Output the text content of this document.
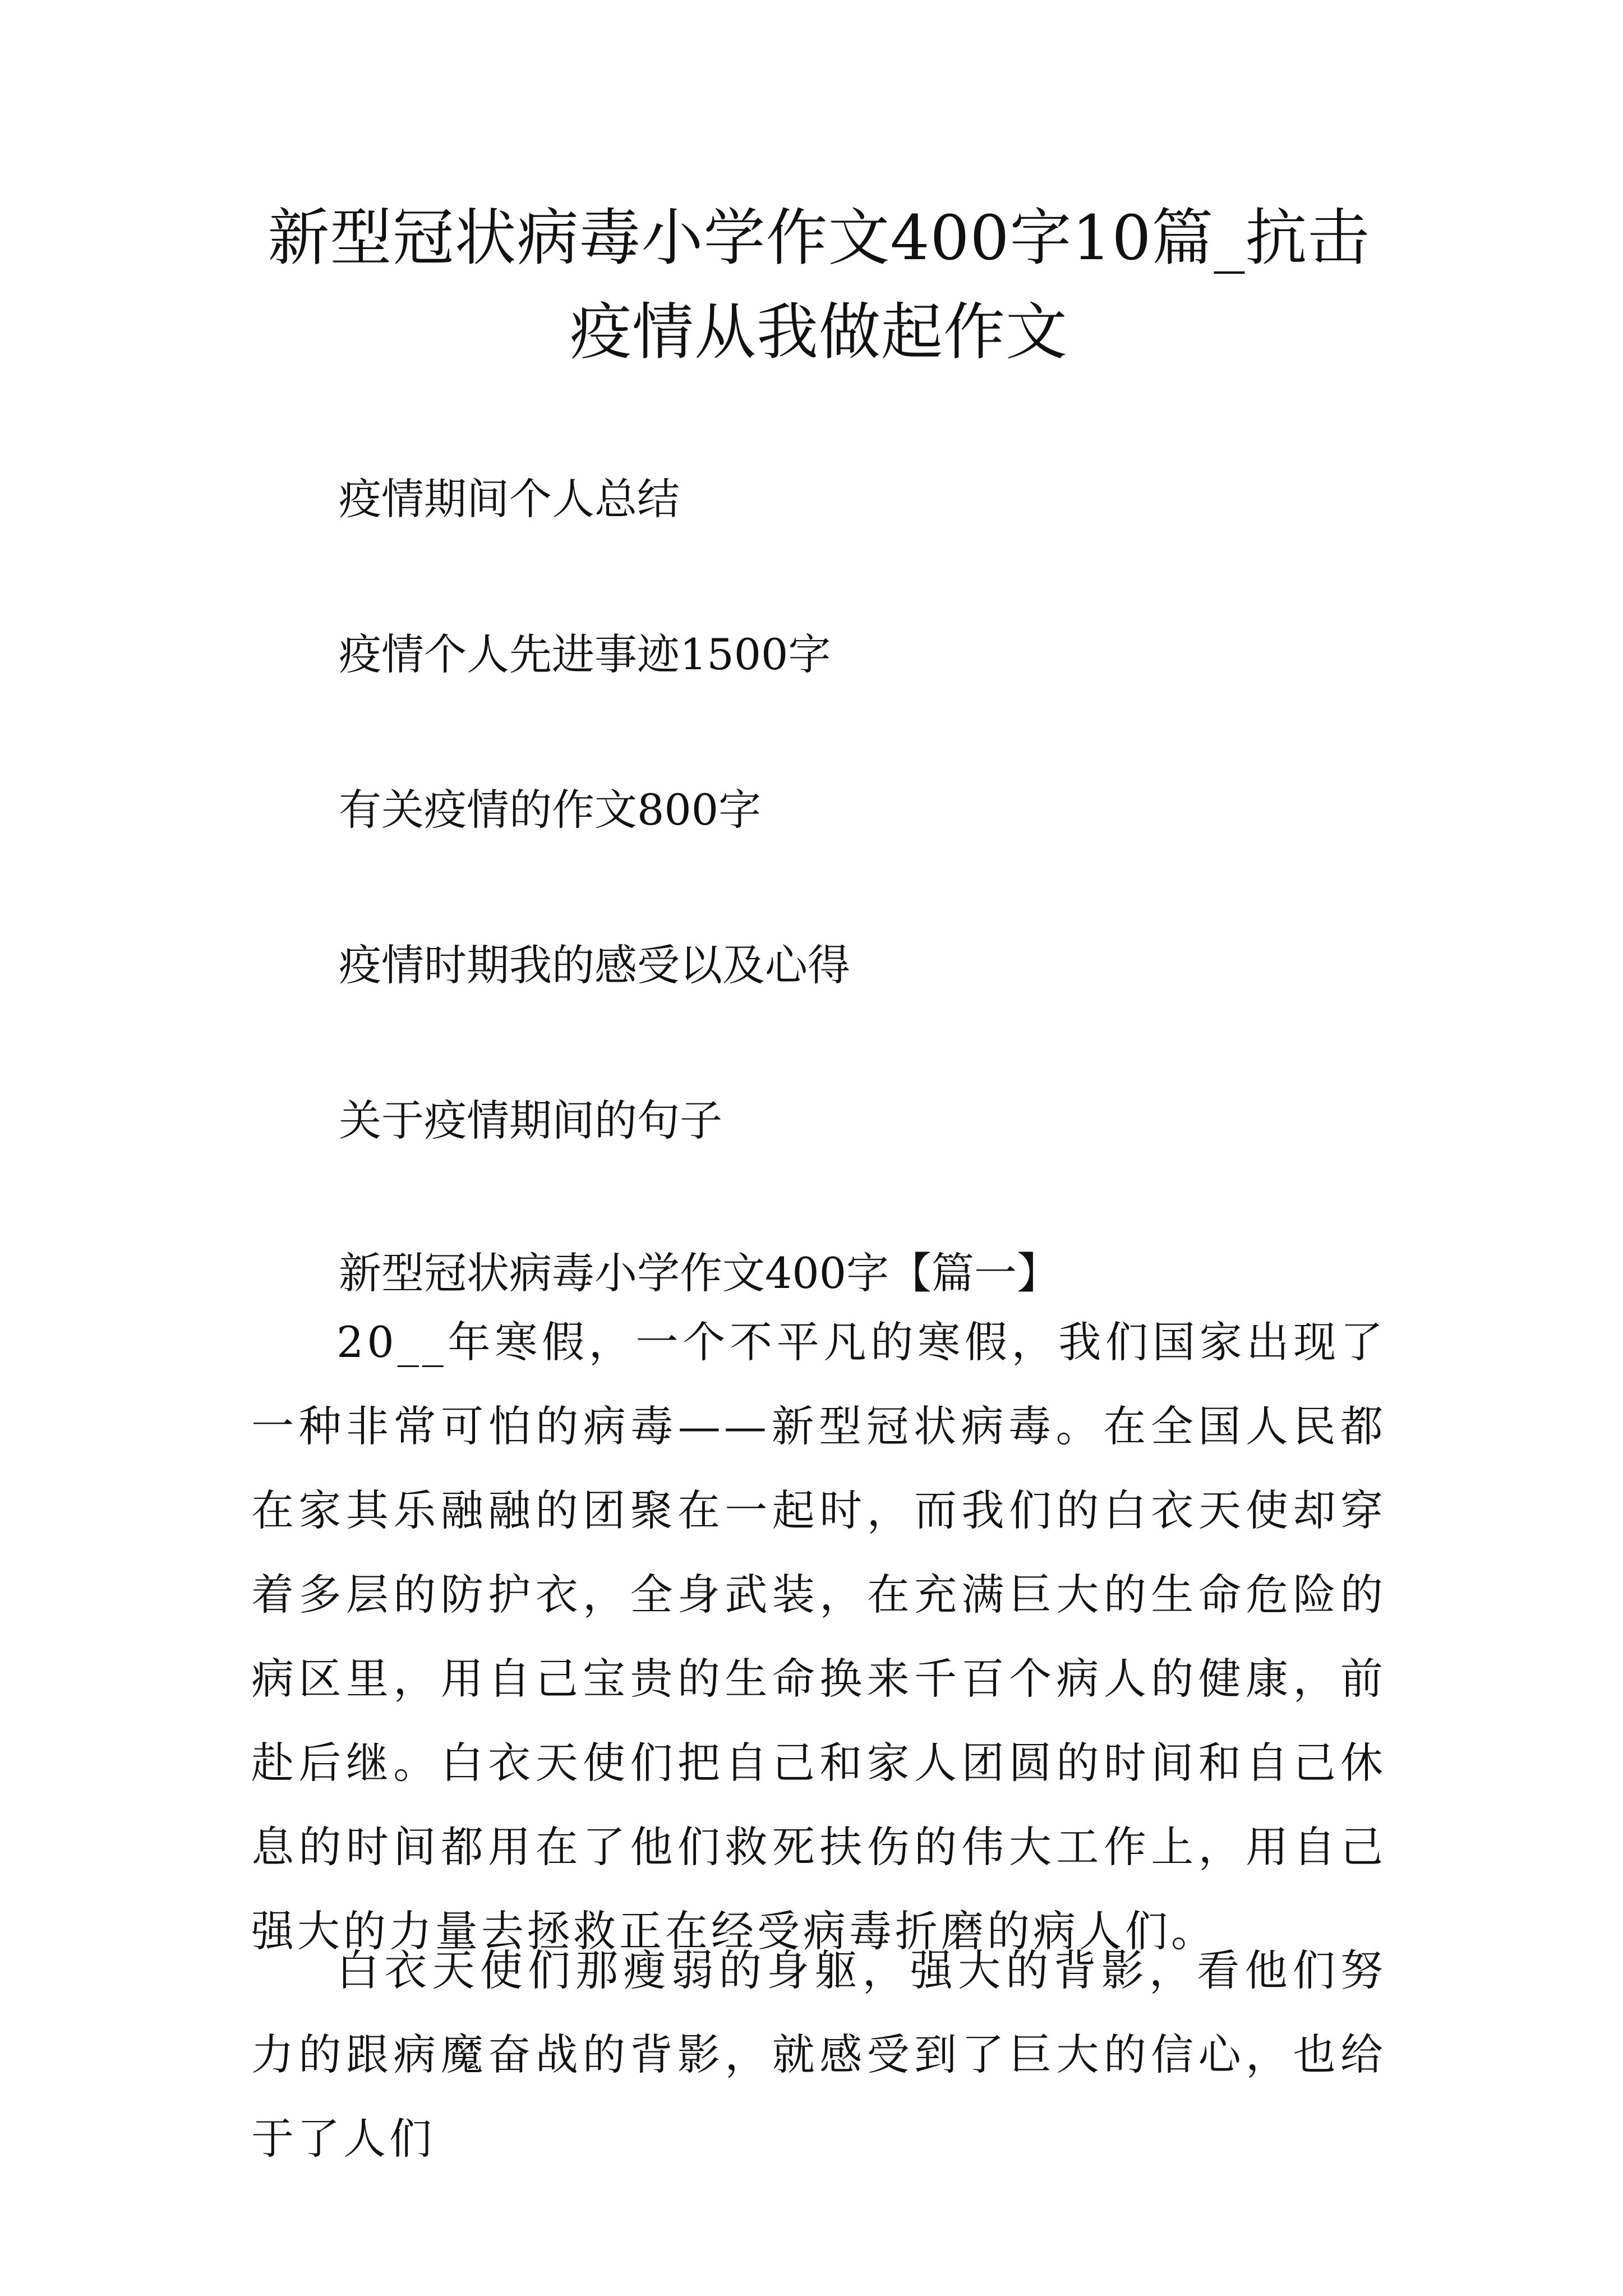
新型冠状病毒小学作文400字10篇_抗击疫情从我做起作文
疫情期间个人总结
疫情个人先进事迹1500字
有关疫情的作文800字
疫情时期我的感受以及心得
关于疫情期间的句子

新型冠状病毒小学作文400字【篇一】

20__年寒假，一个不平凡的寒假，我们国家出现了一种非常可怕的病毒——新型冠状病毒。在全国人民都在家其乐融融的团聚在一起时，而我们的白衣天使却穿着多层的防护衣，全身武装，在充满巨大的生命危险的病区里，用自己宝贵的生命换来千百个病人的健康，前赴后继。白衣天使们把自己和家人团圆的时间和自己休息的时间都用在了他们救死扶伤的伟大工作上，用自己强大的力量去拯救正在经受病毒折磨的病人们。

白衣天使们那瘦弱的身躯，强大的背影，看他们努力的跟病魔奋战的背影，就感受到了巨大的信心，也给于了人们
